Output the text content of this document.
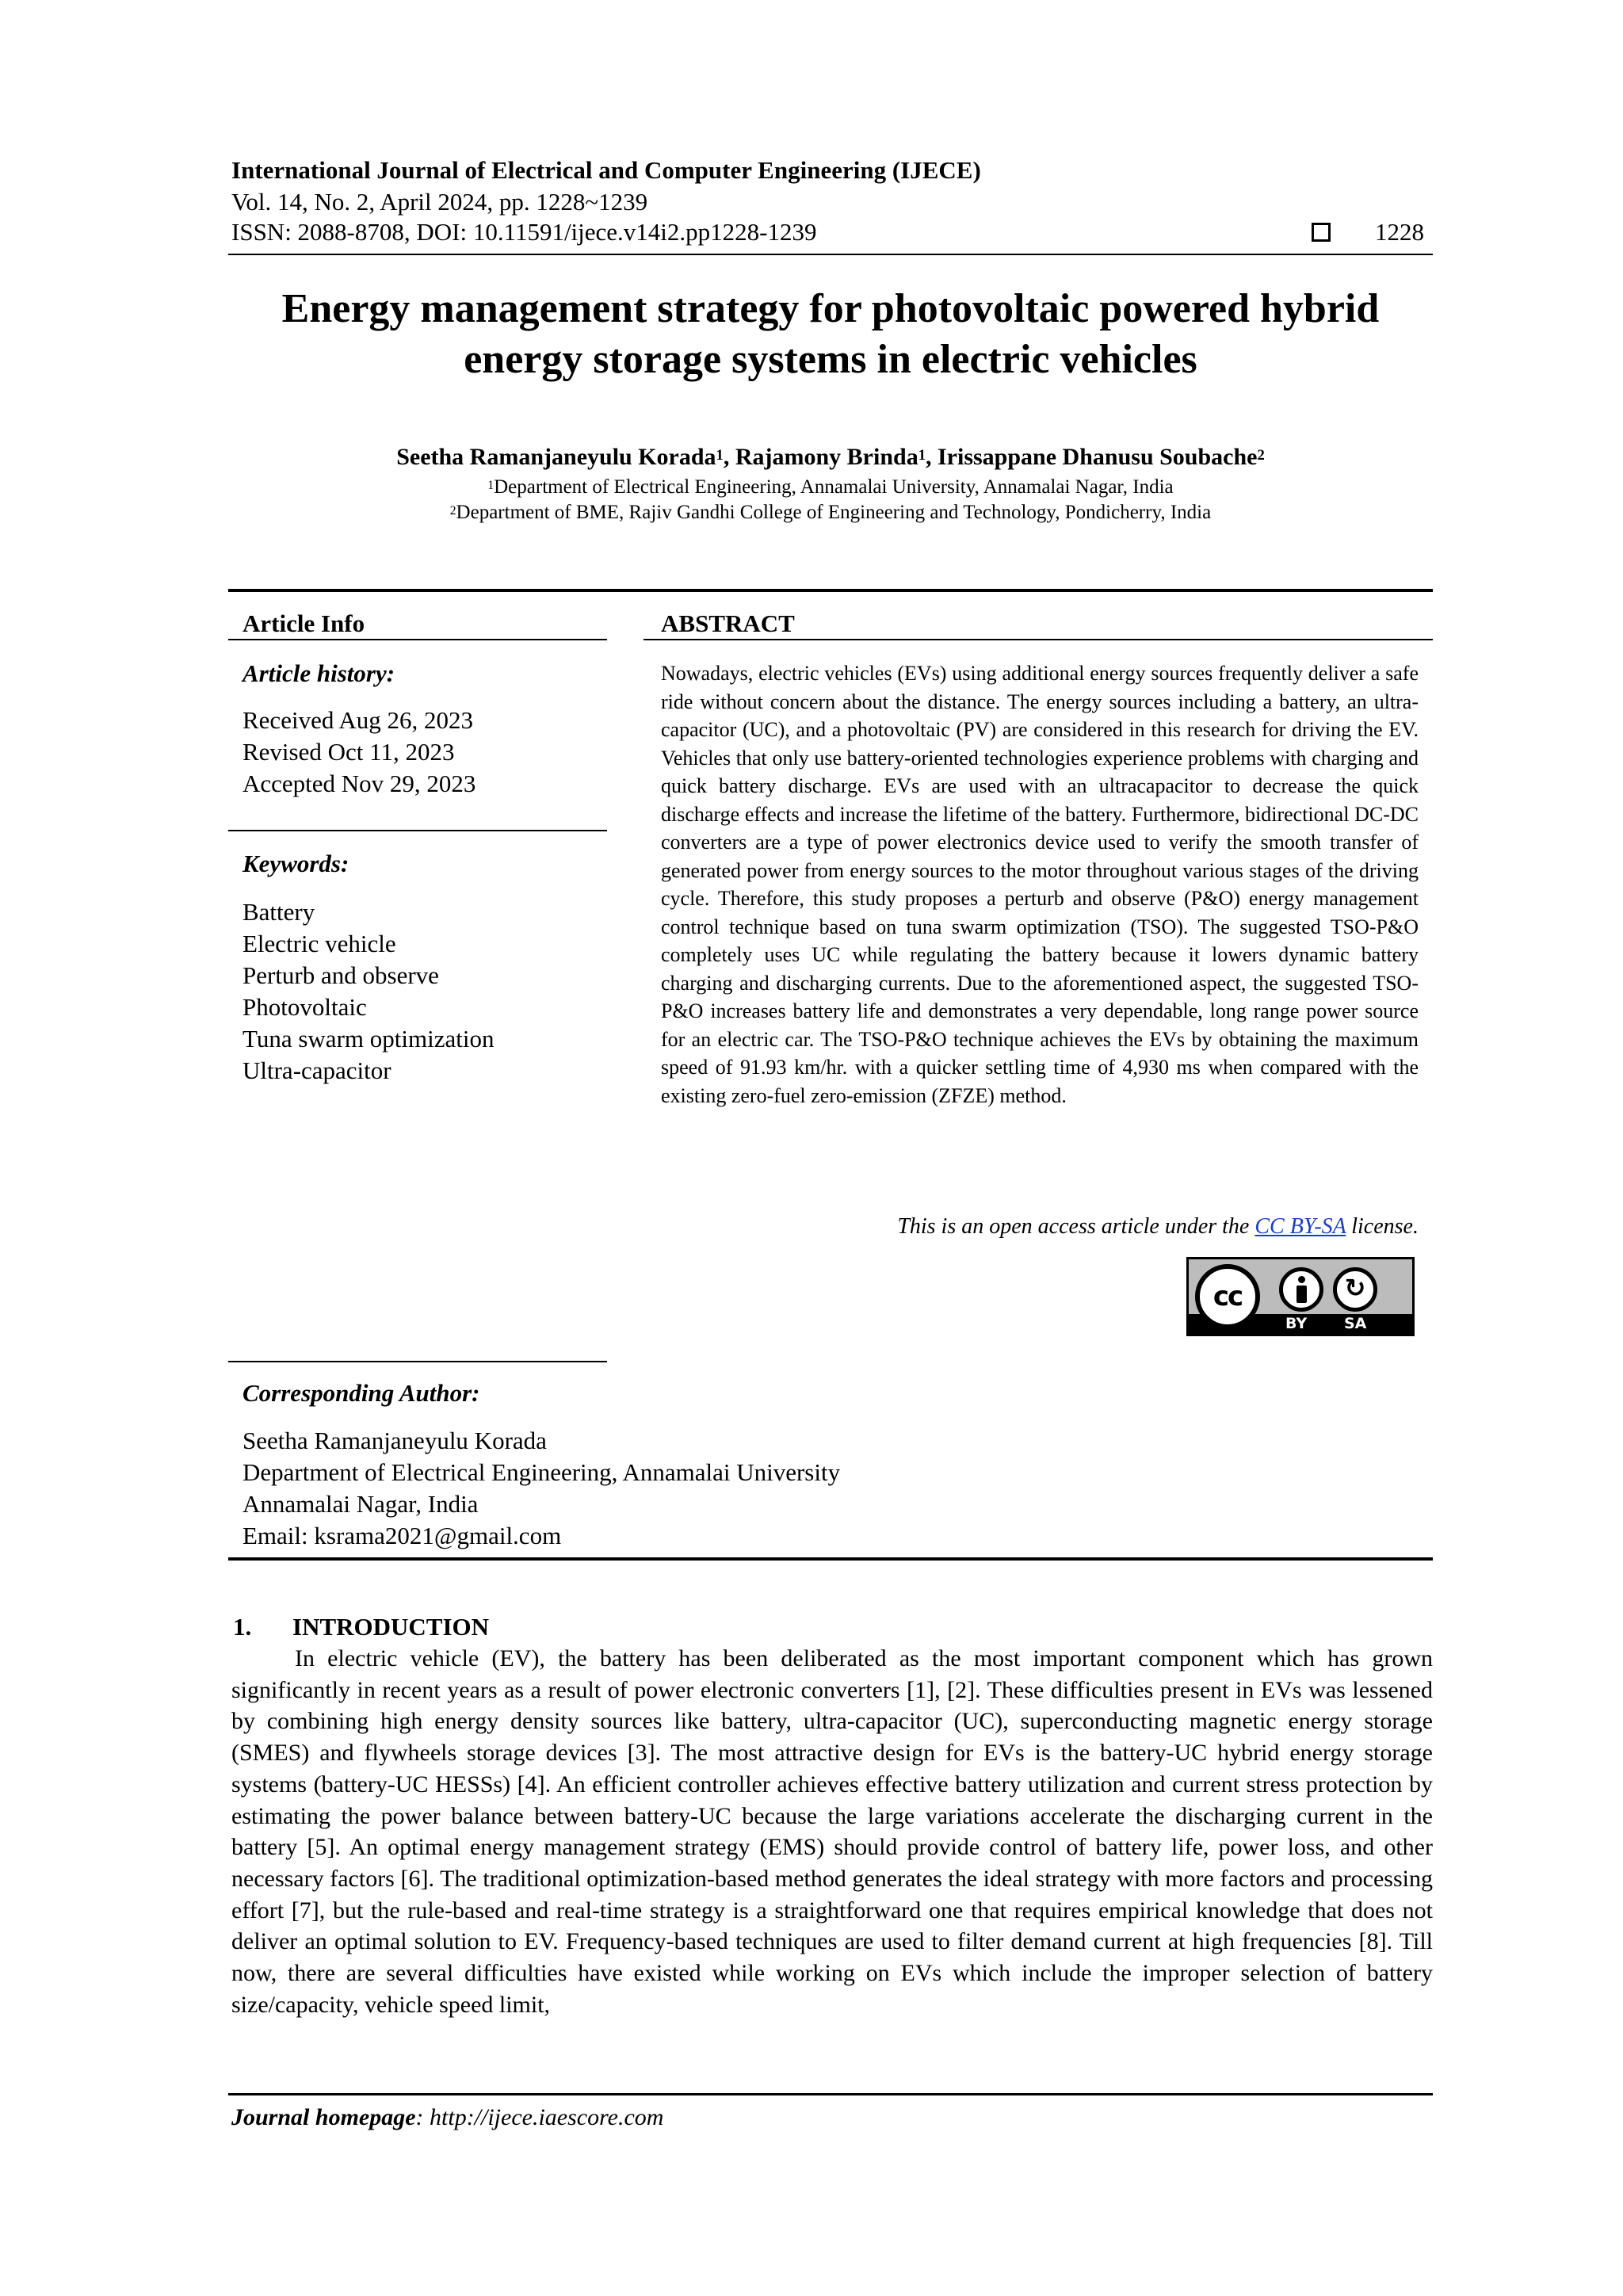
International Journal of Electrical and Computer Engineering (IJECE)
Vol. 14, No. 2, April 2024, pp. 1228~1239
ISSN: 2088-8708, DOI: 10.11591/ijece.v14i2.pp1228-1239	1228
Energy management strategy for photovoltaic powered hybrid
energy storage systems in electric vehicles
Seetha Ramanjaneyulu Korada$^1$, Rajamony Brinda$^1$, Irissappane Dhanusu Soubache$^2$
$^1$Department of Electrical Engineering, Annamalai University, Annamalai Nagar, India
$^2$Department of BME, Rajiv Gandhi College of Engineering and Technology, Pondicherry, India
Article Info
Article history:
Received Aug 26, 2023
Revised Oct 11, 2023
Accepted Nov 29, 2023
Keywords:
Battery
Electric vehicle
Perturb and observe
Photovoltaic
Tuna swarm optimization
Ultra-capacitor
ABSTRACT
Nowadays, electric vehicles (EVs) using additional energy sources frequently deliver a safe ride without concern about the distance. The energy sources including a battery, an ultra-capacitor (UC), and a photovoltaic (PV) are considered in this research for driving the EV. Vehicles that only use battery-oriented technologies experience problems with charging and quick battery discharge. EVs are used with an ultracapacitor to decrease the quick discharge effects and increase the lifetime of the battery. Furthermore, bidirectional DC-DC converters are a type of power electronics device used to verify the smooth transfer of generated power from energy sources to the motor throughout various stages of the driving cycle. Therefore, this study proposes a perturb and observe (P&O) energy management control technique based on tuna swarm optimization (TSO). The suggested TSO-P&O completely uses UC while regulating the battery because it lowers dynamic battery charging and discharging currents. Due to the aforementioned aspect, the suggested TSO-P&O increases battery life and demonstrates a very dependable, long range power source for an electric car. The TSO-P&O technique achieves the EVs by obtaining the maximum speed of 91.93 km/hr. with a quicker settling time of 4,930 ms when compared with the existing zero-fuel zero-emission (ZFZE) method.
This is an open access article under the CC BY-SA license.
cc	↻
BY SA
Corresponding Author:
Seetha Ramanjaneyulu Korada
Department of Electrical Engineering, Annamalai University
Annamalai Nagar, India
Email: ksrama2021@gmail.com
1. INTRODUCTION

In electric vehicle (EV), the battery has been deliberated as the most important component which has grown significantly in recent years as a result of power electronic converters [1], [2]. These difficulties present in EVs was lessened by combining high energy density sources like battery, ultra-capacitor (UC), superconducting magnetic energy storage (SMES) and flywheels storage devices [3]. The most attractive design for EVs is the battery-UC hybrid energy storage systems (battery-UC HESSs) [4]. An efficient controller achieves effective battery utilization and current stress protection by estimating the power balance between battery-UC because the large variations accelerate the discharging current in the battery [5]. An optimal energy management strategy (EMS) should provide control of battery life, power loss, and other necessary factors [6]. The traditional optimization-based method generates the ideal strategy with more factors and processing effort [7], but the rule-based and real-time strategy is a straightforward one that requires empirical knowledge that does not deliver an optimal solution to EV. Frequency-based techniques are used to filter demand current at high frequencies [8]. Till now, there are several difficulties have existed while working on EVs which include the improper selection of battery size/capacity, vehicle speed limit,

Journal homepage: http://ijece.iaescore.com
